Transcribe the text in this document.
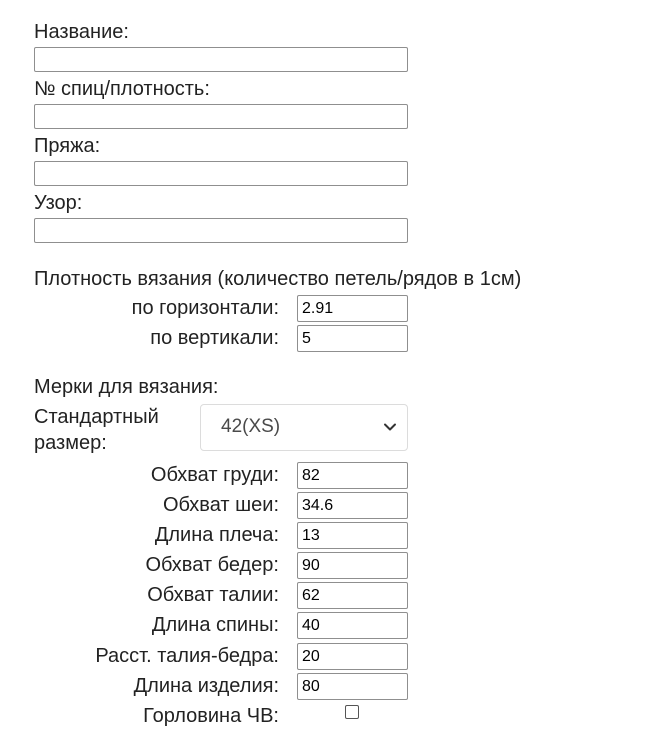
Название:
№ спиц/плотность:
Пряжа:
Узор:
Плотность вязания (количество петель/рядов в 1см)
по горизонтали:
2.91
по вертикали:
5
Мерки для вязания:
Стандартный размер:
42(XS)
Обхват груди:
82
Обхват шеи:
34.6
Длина плеча:
13
Обхват бедер:
90
Обхват талии:
62
Длина спины:
40
Расст. талия-бедра:
20
Длина изделия:
80
Горловина ЧВ:
